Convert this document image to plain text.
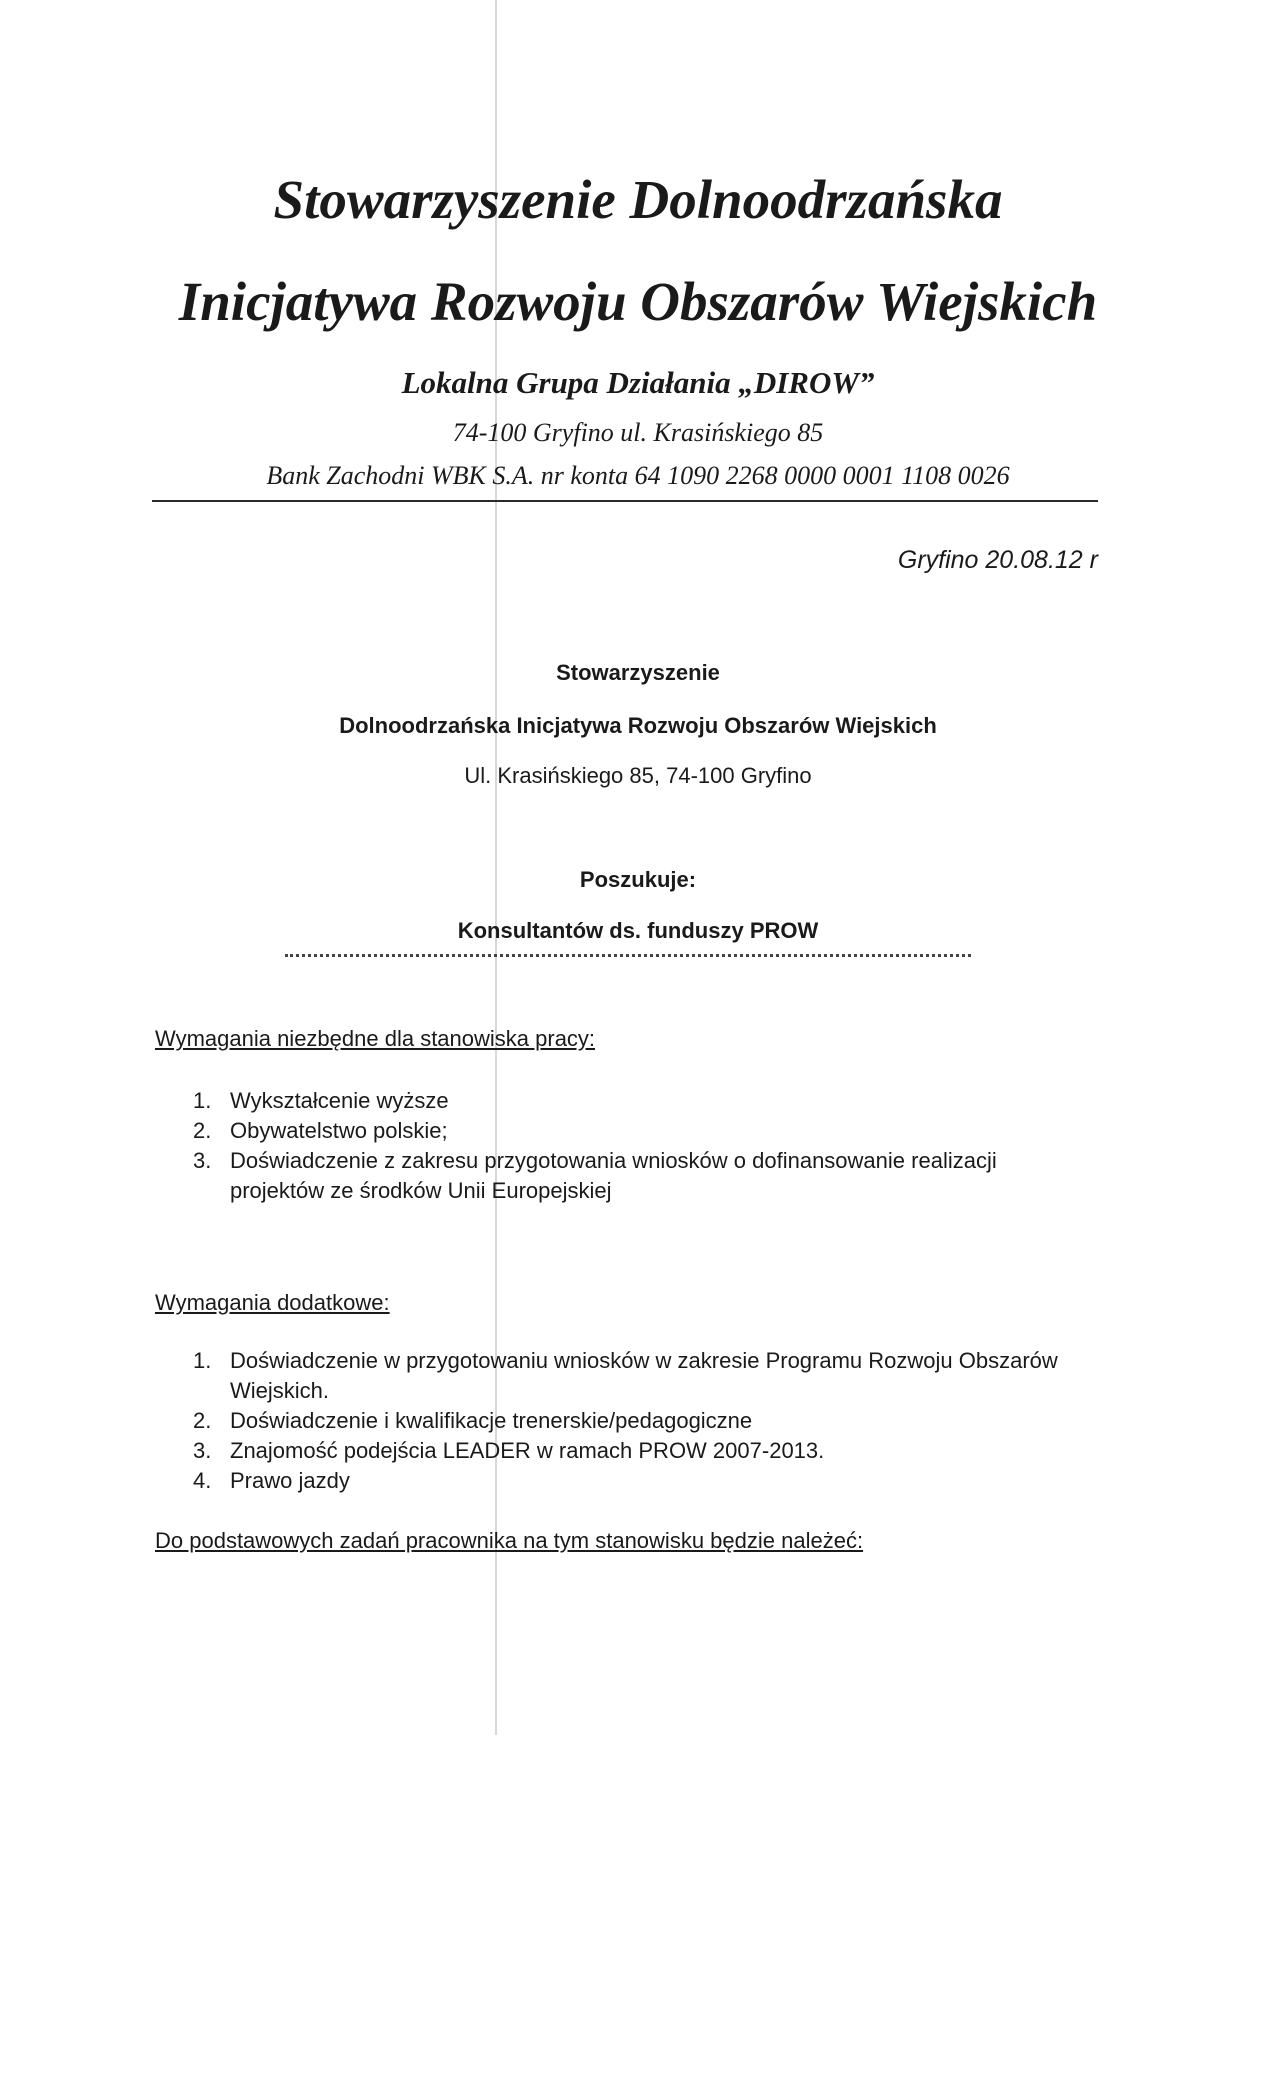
Stowarzyszenie Dolnoodrzańska
Inicjatywa Rozwoju Obszarów Wiejskich
Lokalna Grupa Działania „DIROW”
74-100 Gryfino ul. Krasińskiego 85
Bank Zachodni WBK S.A. nr konta 64 1090 2268 0000 0001 1108 0026
Gryfino 20.08.12 r
Stowarzyszenie
Dolnoodrzańska Inicjatywa Rozwoju Obszarów Wiejskich
Ul. Krasińskiego 85, 74-100 Gryfino
Poszukuje:
Konsultantów ds. funduszy PROW
Wymagania niezbędne dla stanowiska pracy:
1. Wykształcenie wyższe
2. Obywatelstwo polskie;
3. Doświadczenie z zakresu przygotowania wniosków o dofinansowanie realizacji projektów ze środków Unii Europejskiej
Wymagania dodatkowe:
1. Doświadczenie w przygotowaniu wniosków w zakresie Programu Rozwoju Obszarów Wiejskich.
2. Doświadczenie i kwalifikacje trenerskie/pedagogiczne
3. Znajomość podejścia LEADER w ramach PROW 2007-2013.
4. Prawo jazdy
Do podstawowych zadań pracownika na tym stanowisku będzie należeć:
